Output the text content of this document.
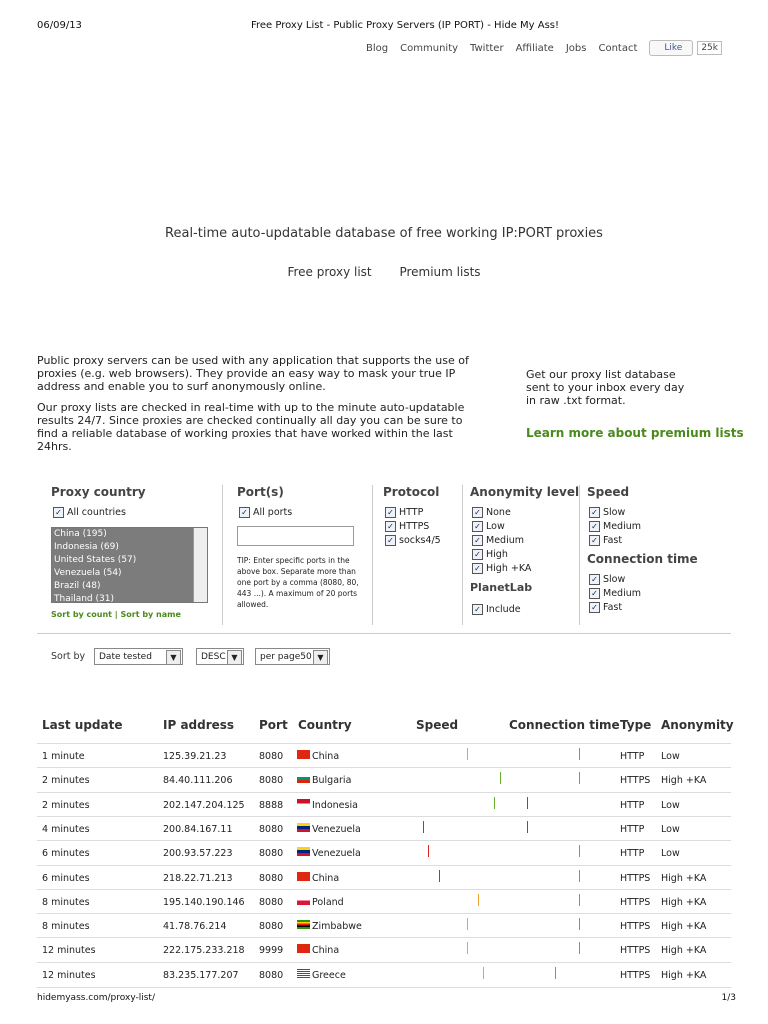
06/09/13	Free Proxy List - Public Proxy Servers (IP PORT) - Hide My Ass!
Blog Community Twitter Affiliate Jobs Contact	Like	25k
Real-time auto-updatable database of free working IP:PORT proxies
Free proxy list Premium lists
Public proxy servers can be used with any application that supports the use of proxies (e.g. web browsers). They provide an easy way to mask your true IP address and enable you to surf anonymously online.
Our proxy lists are checked in real-time with up to the minute auto-updatable results 24/7. Since proxies are checked continually all day you can be sure to find a reliable database of working proxies that have worked within the last 24hrs.
Get our proxy list database sent to your inbox every day in raw .txt format.
Learn more about premium lists
Proxy country
✓ All countries
China (195)
Indonesia (69)
United States (57)
Venezuela (54)
Brazil (48)
Thailand (31)
Sort by count | Sort by name
Port(s)
✓ All ports
TIP: Enter specific ports in the above box. Separate more than one port by a comma (8080, 80, 443 ...). A maximum of 20 ports allowed.
Protocol
✓ HTTP
✓ HTTPS
✓ socks4/5
Anonymity level
✓ None
✓ Low
✓ Medium
✓ High
✓ High +KA
PlanetLab
✓ Include
Speed
✓ Slow
✓ Medium
✓ Fast
Connection time
✓ Slow
✓ Medium
✓ Fast
Sort by Date tested	▼	DESC ▼	per page50 ▼
Last update	IP address Port Country	Speed	Connection time Type Anonymity
1 minute	125.39.21.23	8080	China	HTTP Low
2 minutes	84.40.111.206	8080	Bulgaria	HTTPS High +KA
2 minutes	202.147.204.125 8888	Indonesia	HTTP Low
4 minutes	200.84.167.11	8080	Venezuela	HTTP Low
6 minutes	200.93.57.223	8080	Venezuela	HTTP Low
6 minutes	218.22.71.213	8080	China	HTTPS High +KA
8 minutes	195.140.190.146 8080	Poland	HTTPS High +KA
8 minutes	41.78.76.214	8080	Zimbabwe	HTTPS High +KA
12 minutes	222.175.233.218 9999	China	HTTPS High +KA
12 minutes	83.235.177.207 8080	Greece	HTTPS High +KA
hidemyass.com/proxy-list/	1/3
